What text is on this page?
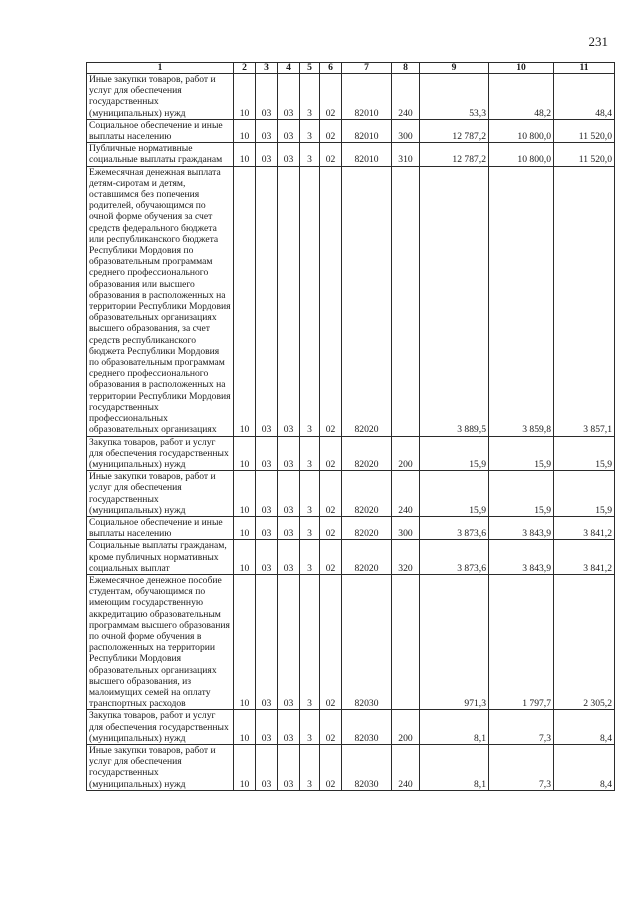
231
1	2	3	4	5	6	7	8	9	10	11

Иные закупки товаров, работ и услуг для обеспечения государственных (муниципальных) нужд	10	03	03	3	02	82010	240	53,3	48,2	48,4

Социальное обеспечение и иные выплаты населению	10	03	03	3	02	82010	300	12 787,2	10 800,0	11 520,0

Публичные нормативные социальные выплаты гражданам	10	03	03	3	02	82010	310	12 787,2	10 800,0	11 520,0

Ежемесячная денежная выплата детям-сиротам и детям, оставшимся без попечения родителей, обучающимся по очной форме обучения за счет средств федерального бюджета или республиканского бюджета Республики Мордовия по образовательным программам среднего профессионального образования или высшего образования в расположенных на территории Республики Мордовия образовательных организациях высшего образования, за счет средств республиканского бюджета Республики Мордовия по образовательным программам среднего профессионального образования в расположенных на территории Республики Мордовия государственных профессиональных образовательных организациях	10	03	03	3	02	82020		3 889,5	3 859,8	3 857,1

Закупка товаров, работ и услуг для обеспечения государственных (муниципальных) нужд	10	03	03	3	02	82020	200	15,9	15,9	15,9

Иные закупки товаров, работ и услуг для обеспечения государственных (муниципальных) нужд	10	03	03	3	02	82020	240	15,9	15,9	15,9

Социальное обеспечение и иные выплаты населению	10	03	03	3	02	82020	300	3 873,6	3 843,9	3 841,2

Социальные выплаты гражданам, кроме публичных нормативных социальных выплат	10	03	03	3	02	82020	320	3 873,6	3 843,9	3 841,2

Ежемесячное денежное пособие студентам, обучающимся по имеющим государственную аккредитацию образовательным программам высшего образования по очной форме обучения в расположенных на территории Республики Мордовия образовательных организациях высшего образования, из малоимущих семей на оплату транспортных расходов	10	03	03	3	02	82030		971,3	1 797,7	2 305,2

Закупка товаров, работ и услуг для обеспечения государственных (муниципальных) нужд	10	03	03	3	02	82030	200	8,1	7,3	8,4

Иные закупки товаров, работ и услуг для обеспечения государственных (муниципальных) нужд	10	03	03	3	02	82030	240	8,1	7,3	8,4
